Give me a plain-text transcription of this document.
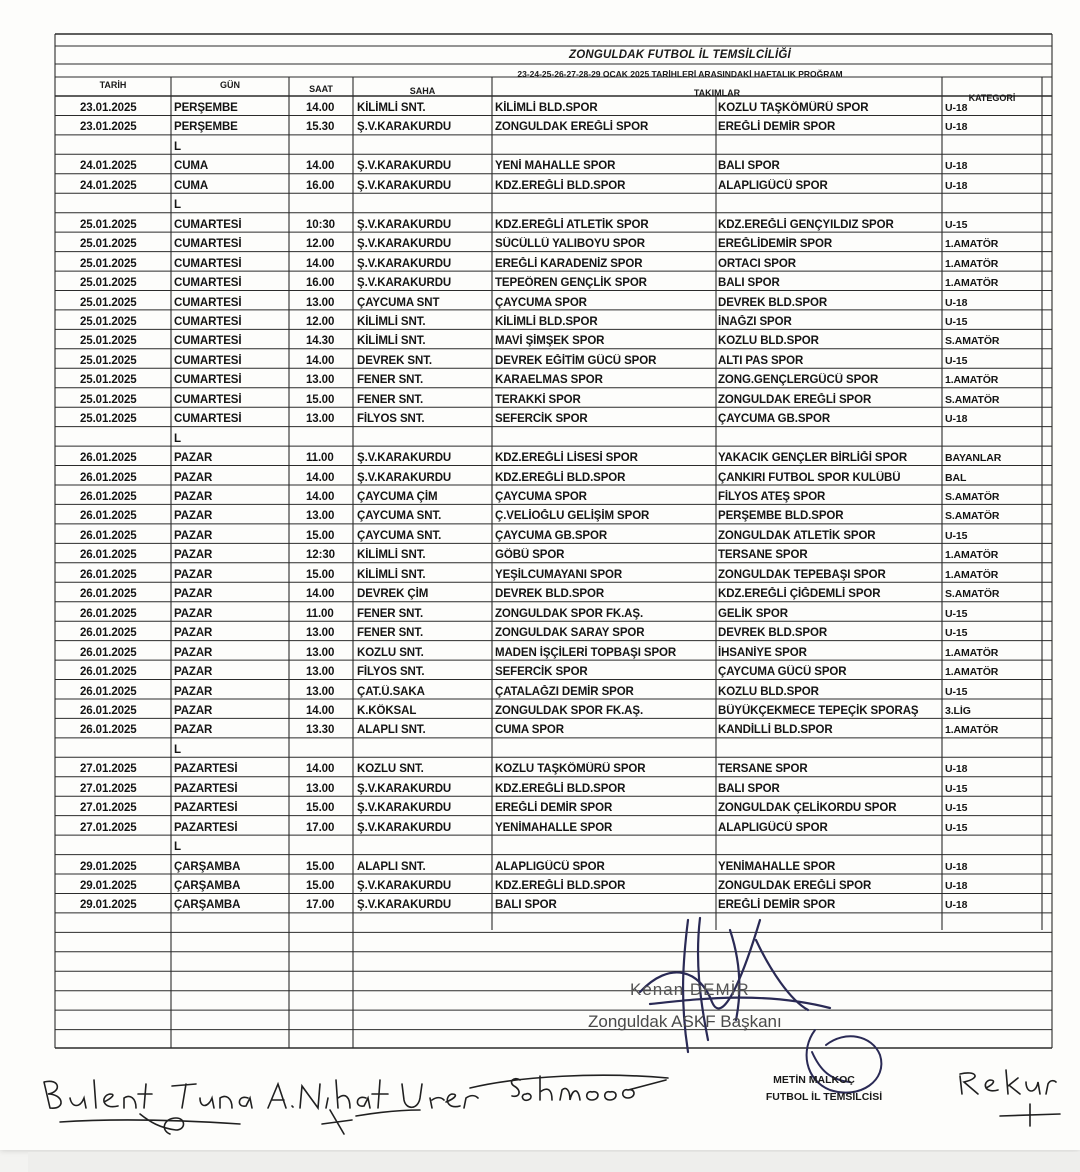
ZONGULDAK FUTBOL İL TEMSİLCİLİĞİ
23-24-25-26-27-28-29 OCAK 2025 TARİHLERİ ARASINDAKİ HAFTALIK PROĞRAM
TARİH	GÜN	SAAT	SAHA	TAKIMLAR	KATEGORİ
23.01.2025	PERŞEMBE	14.00	KİLİMLİ SNT.	KİLİMLİ BLD.SPOR	KOZLU TAŞKÖMÜRÜ SPOR	U-18
23.01.2025	PERŞEMBE	15.30	Ş.V.KARAKURDU	ZONGULDAK EREĞLİ SPOR	EREĞLİ DEMİR SPOR	U-18
L
24.01.2025	CUMA	14.00	Ş.V.KARAKURDU	YENİ MAHALLE SPOR	BALI SPOR	U-18
24.01.2025	CUMA	16.00	Ş.V.KARAKURDU	KDZ.EREĞLİ BLD.SPOR	ALAPLIGÜCÜ SPOR	U-18
L
25.01.2025	CUMARTESİ	10:30	Ş.V.KARAKURDU	KDZ.EREĞLİ ATLETİK SPOR	KDZ.EREĞLİ GENÇYILDIZ SPOR	U-15
25.01.2025	CUMARTESİ	12.00	Ş.V.KARAKURDU	SÜCÜLLÜ YALIBOYU SPOR	EREĞLİDEMİR SPOR	1.AMATÖR
25.01.2025	CUMARTESİ	14.00	Ş.V.KARAKURDU	EREĞLİ KARADENİZ SPOR	ORTACI SPOR	1.AMATÖR
25.01.2025	CUMARTESİ	16.00	Ş.V.KARAKURDU	TEPEÖREN GENÇLİK SPOR	BALI SPOR	1.AMATÖR
25.01.2025	CUMARTESİ	13.00	ÇAYCUMA SNT	ÇAYCUMA SPOR	DEVREK BLD.SPOR	U-18
25.01.2025	CUMARTESİ	12.00	KİLİMLİ SNT.	KİLİMLİ BLD.SPOR	İNAĞZI SPOR	U-15
25.01.2025	CUMARTESİ	14.30	KİLİMLİ SNT.	MAVİ ŞİMŞEK SPOR	KOZLU BLD.SPOR	S.AMATÖR
25.01.2025	CUMARTESİ	14.00	DEVREK SNT.	DEVREK EĞİTİM GÜCÜ SPOR	ALTI PAS SPOR	U-15
25.01.2025	CUMARTESİ	13.00	FENER SNT.	KARAELMAS SPOR	ZONG.GENÇLERGÜCÜ SPOR	1.AMATÖR
25.01.2025	CUMARTESİ	15.00	FENER SNT.	TERAKKİ SPOR	ZONGULDAK EREĞLİ SPOR	S.AMATÖR
25.01.2025	CUMARTESİ	13.00	FİLYOS SNT.	SEFERCİK SPOR	ÇAYCUMA GB.SPOR	U-18
L
26.01.2025	PAZAR	11.00	Ş.V.KARAKURDU	KDZ.EREĞLİ LİSESİ SPOR	YAKACIK GENÇLER BİRLİĞİ SPOR	BAYANLAR
26.01.2025	PAZAR	14.00	Ş.V.KARAKURDU	KDZ.EREĞLİ BLD.SPOR	ÇANKIRI FUTBOL SPOR KULÜBÜ	BAL
26.01.2025	PAZAR	14.00	ÇAYCUMA ÇİM	ÇAYCUMA SPOR	FİLYOS ATEŞ SPOR	S.AMATÖR
26.01.2025	PAZAR	13.00	ÇAYCUMA SNT.	Ç.VELİOĞLU GELİŞİM SPOR	PERŞEMBE BLD.SPOR	S.AMATÖR
26.01.2025	PAZAR	15.00	ÇAYCUMA SNT.	ÇAYCUMA GB.SPOR	ZONGULDAK ATLETİK SPOR	U-15
26.01.2025	PAZAR	12:30	KİLİMLİ SNT.	GÖBÜ SPOR	TERSANE SPOR	1.AMATÖR
26.01.2025	PAZAR	15.00	KİLİMLİ SNT.	YEŞİLCUMAYANI SPOR	ZONGULDAK TEPEBAŞI SPOR	1.AMATÖR
26.01.2025	PAZAR	14.00	DEVREK ÇİM	DEVREK BLD.SPOR	KDZ.EREĞLİ ÇİĞDEMLİ SPOR	S.AMATÖR
26.01.2025	PAZAR	11.00	FENER SNT.	ZONGULDAK SPOR FK.AŞ.	GELİK SPOR	U-15
26.01.2025	PAZAR	13.00	FENER SNT.	ZONGULDAK SARAY SPOR	DEVREK BLD.SPOR	U-15
26.01.2025	PAZAR	13.00	KOZLU SNT.	MADEN İŞÇİLERİ TOPBAŞI SPOR	İHSANİYE SPOR	1.AMATÖR
26.01.2025	PAZAR	13.00	FİLYOS SNT.	SEFERCİK SPOR	ÇAYCUMA GÜCÜ SPOR	1.AMATÖR
26.01.2025	PAZAR	13.00	ÇAT.Ü.SAKA	ÇATALAĞZI DEMİR SPOR	KOZLU BLD.SPOR	U-15
26.01.2025	PAZAR	14.00	K.KÖKSAL	ZONGULDAK SPOR FK.AŞ.	BÜYÜKÇEKMECE TEPEÇİK SPORAŞ	3.LİG
26.01.2025	PAZAR	13.30	ALAPLI SNT.	CUMA SPOR	KANDİLLİ BLD.SPOR	1.AMATÖR
L
27.01.2025	PAZARTESİ	14.00	KOZLU SNT.	KOZLU TAŞKÖMÜRÜ SPOR	TERSANE SPOR	U-18
27.01.2025	PAZARTESİ	13.00	Ş.V.KARAKURDU	KDZ.EREĞLİ BLD.SPOR	BALI SPOR	U-15
27.01.2025	PAZARTESİ	15.00	Ş.V.KARAKURDU	EREĞLİ DEMİR SPOR	ZONGULDAK ÇELİKORDU SPOR	U-15
27.01.2025	PAZARTESİ	17.00	Ş.V.KARAKURDU	YENİMAHALLE SPOR	ALAPLIGÜCÜ SPOR	U-15
L
29.01.2025	ÇARŞAMBA	15.00	ALAPLI SNT.	ALAPLIGÜCÜ SPOR	YENİMAHALLE SPOR	U-18
29.01.2025	ÇARŞAMBA	15.00	Ş.V.KARAKURDU	KDZ.EREĞLİ BLD.SPOR	ZONGULDAK EREĞLİ SPOR	U-18
29.01.2025	ÇARŞAMBA	17.00	Ş.V.KARAKURDU	BALI SPOR	EREĞLİ DEMİR SPOR	U-18
Kenan DEMİR
Zonguldak ASKF Başkanı
METİN MALKOÇ
FUTBOL İL TEMSİLCİSİ
